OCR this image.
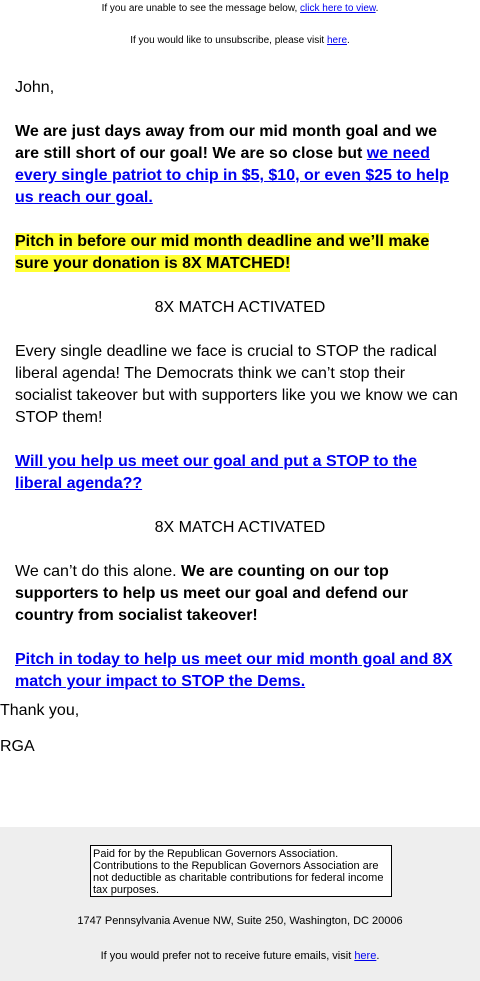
If you are unable to see the message below, click here to view.
If you would like to unsubscribe, please visit here.

John,

We are just days away from our mid month goal and we are still short of our goal! We are so close but we need every single patriot to chip in $5, $10, or even $25 to help us reach our goal.

Pitch in before our mid month deadline and we’ll make sure your donation is 8X MATCHED!

8X MATCH ACTIVATED

Every single deadline we face is crucial to STOP the radical liberal agenda! The Democrats think we can’t stop their socialist takeover but with supporters like you we know we can STOP them!

Will you help us meet our goal and put a STOP to the liberal agenda??

8X MATCH ACTIVATED

We can’t do this alone. We are counting on our top supporters to help us meet our goal and defend our country from socialist takeover!

Pitch in today to help us meet our mid month goal and 8X match your impact to STOP the Dems.

Thank you,

RGA

Paid for by the Republican Governors Association. Contributions to the Republican Governors Association are not deductible as charitable contributions for federal income tax purposes.
1747 Pennsylvania Avenue NW, Suite 250, Washington, DC 20006
If you would prefer not to receive future emails, visit here.
